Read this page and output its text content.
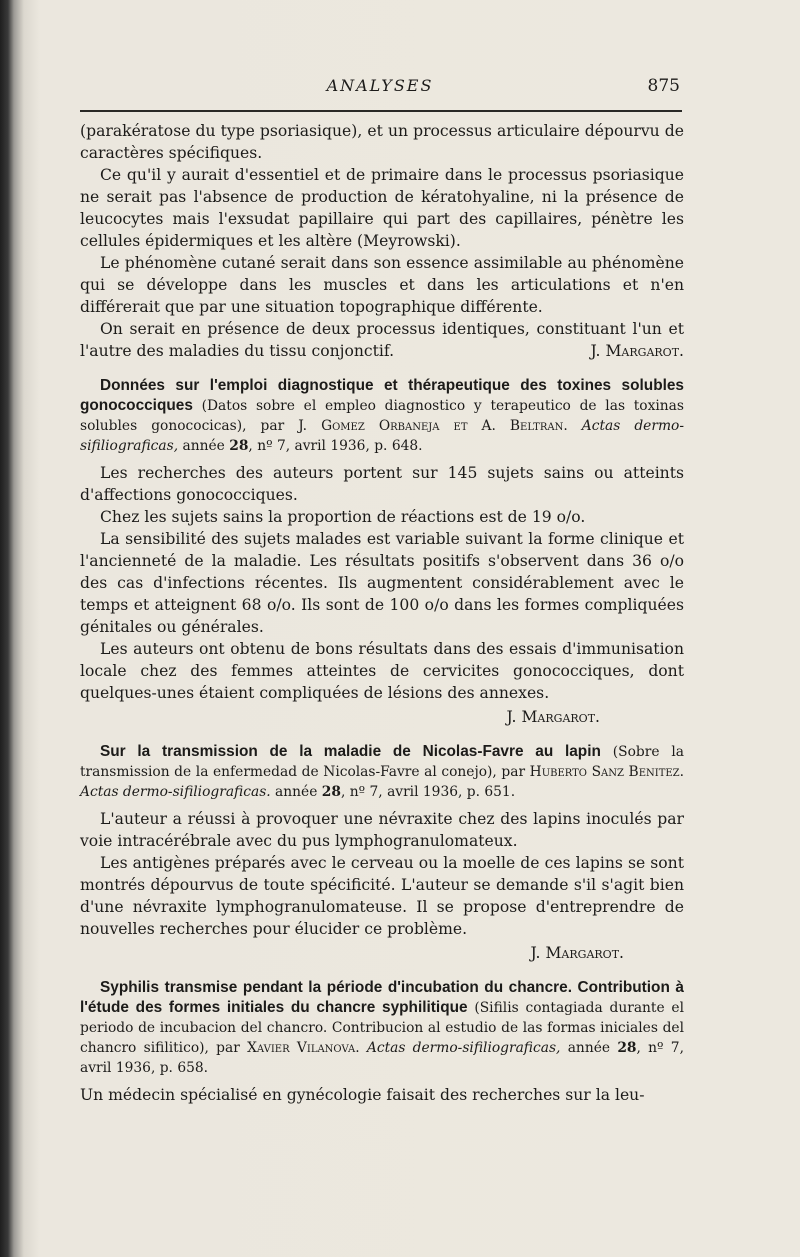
ANALYSES	875

(parakératose du type psoriasique), et un processus articulaire dépourvu de caractères spécifiques.

Ce qu'il y aurait d'essentiel et de primaire dans le processus psoriasique ne serait pas l'absence de production de kératohyaline, ni la présence de leucocytes mais l'exsudat papillaire qui part des capillaires, pénètre les cellules épidermiques et les altère (Meyrowski).

Le phénomène cutané serait dans son essence assimilable au phénomène qui se développe dans les muscles et dans les articulations et n'en différerait que par une situation topographique différente.

On serait en présence de deux processus identiques, constituant l'un et l'autre des maladies du tissu conjonctif.	J. Margarot.

Données sur l'emploi diagnostique et thérapeutique des toxines solubles gonococciques (Datos sobre el empleo diagnostico y terapeutico de las toxinas solubles gonococicas), par J. Gomez Orbaneja et A. Beltran. Actas dermo-sifiliograficas, année 28, nº 7, avril 1936, p. 648.

Les recherches des auteurs portent sur 145 sujets sains ou atteints d'affections gonococciques.

Chez les sujets sains la proportion de réactions est de 19 o/o.

La sensibilité des sujets malades est variable suivant la forme clinique et l'ancienneté de la maladie. Les résultats positifs s'observent dans 36 o/o des cas d'infections récentes. Ils augmentent considérablement avec le temps et atteignent 68 o/o. Ils sont de 100 o/o dans les formes compliquées génitales ou générales.

Les auteurs ont obtenu de bons résultats dans des essais d'immunisation locale chez des femmes atteintes de cervicites gonococciques, dont quelques-unes étaient compliquées de lésions des annexes.

J. Margarot.

Sur la transmission de la maladie de Nicolas-Favre au lapin (Sobre la transmission de la enfermedad de Nicolas-Favre al conejo), par Huberto Sanz Benitez. Actas dermo-sifiliograficas. année 28, nº 7, avril 1936, p. 651.

L'auteur a réussi à provoquer une névraxite chez des lapins inoculés par voie intracérébrale avec du pus lymphogranulomateux.

Les antigènes préparés avec le cerveau ou la moelle de ces lapins se sont montrés dépourvus de toute spécificité. L'auteur se demande s'il s'agit bien d'une névraxite lymphogranulomateuse. Il se propose d'entreprendre de nouvelles recherches pour élucider ce problème.

J. Margarot.

Syphilis transmise pendant la période d'incubation du chancre. Contribution à l'étude des formes initiales du chancre syphilitique (Sifilis contagiada durante el periodo de incubacion del chancro. Contribucion al estudio de las formas iniciales del chancro sifilitico), par Xavier Vilanova. Actas dermo-sifiliograficas, année 28, nº 7, avril 1936, p. 658.

Un médecin spécialisé en gynécologie faisait des recherches sur la leu-
